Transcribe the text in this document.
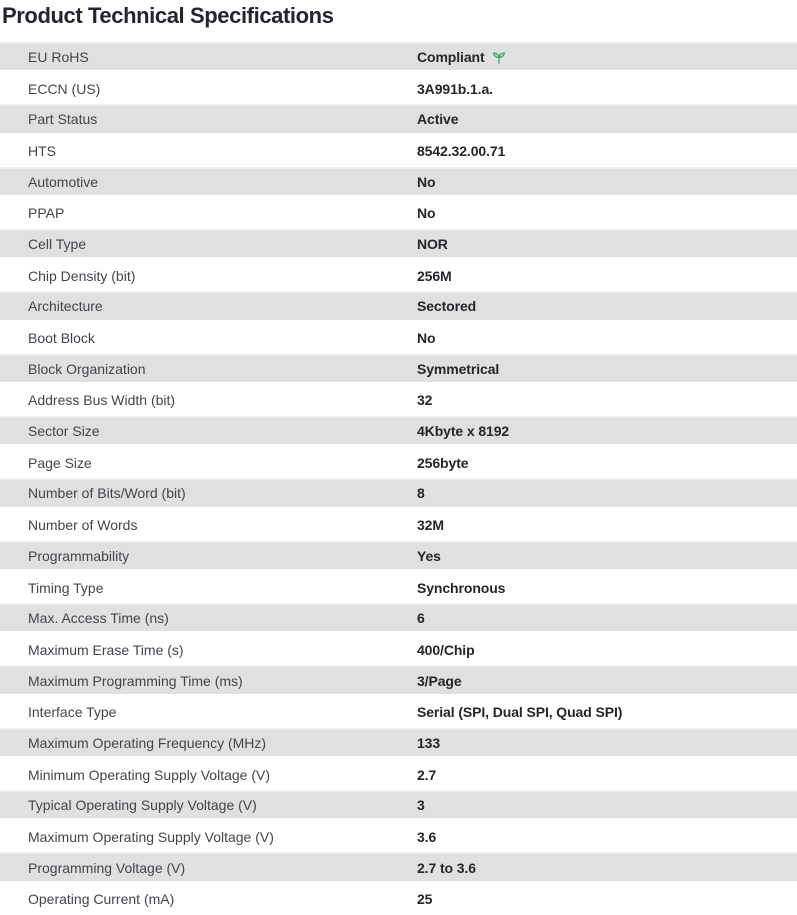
Product Technical Specifications
EU RoHS	Compliant
ECCN (US)	3A991b.1.a.
Part Status	Active
HTS	8542.32.00.71
Automotive	No
PPAP	No
Cell Type	NOR
Chip Density (bit)	256M
Architecture	Sectored
Boot Block	No
Block Organization	Symmetrical
Address Bus Width (bit)	32
Sector Size	4Kbyte x 8192
Page Size	256byte
Number of Bits/Word (bit)	8
Number of Words	32M
Programmability	Yes
Timing Type	Synchronous
Max. Access Time (ns)	6
Maximum Erase Time (s)	400/Chip
Maximum Programming Time (ms)	3/Page
Interface Type	Serial (SPI, Dual SPI, Quad SPI)
Maximum Operating Frequency (MHz)	133
Minimum Operating Supply Voltage (V)	2.7
Typical Operating Supply Voltage (V)	3
Maximum Operating Supply Voltage (V)	3.6
Programming Voltage (V)	2.7 to 3.6
Operating Current (mA)	25
